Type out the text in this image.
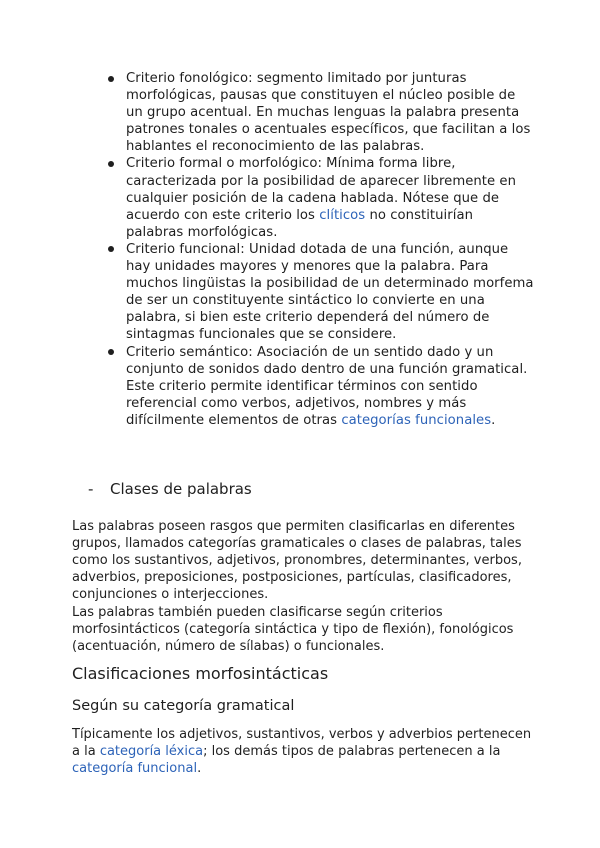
Criterio fonológico: segmento limitado por junturas morfológicas, pausas que constituyen el núcleo posible de un grupo acentual. En muchas lenguas la palabra presenta patrones tonales o acentuales específicos, que facilitan a los hablantes el reconocimiento de las palabras.
Criterio formal o morfológico: Mínima forma libre, caracterizada por la posibilidad de aparecer libremente en cualquier posición de la cadena hablada. Nótese que de acuerdo con este criterio los clíticos no constituirían palabras morfológicas.
Criterio funcional: Unidad dotada de una función, aunque hay unidades mayores y menores que la palabra. Para muchos lingüistas la posibilidad de un determinado morfema de ser un constituyente sintáctico lo convierte en una palabra, si bien este criterio dependerá del número de sintagmas funcionales que se considere.
Criterio semántico: Asociación de un sentido dado y un conjunto de sonidos dado dentro de una función gramatical. Este criterio permite identificar términos con sentido referencial como verbos, adjetivos, nombres y más difícilmente elementos de otras categorías funcionales.
- Clases de palabras

Las palabras poseen rasgos que permiten clasificarlas en diferentes grupos, llamados categorías gramaticales o clases de palabras, tales como los sustantivos, adjetivos, pronombres, determinantes, verbos, adverbios, preposiciones, postposiciones, partículas, clasificadores, conjunciones o interjecciones.

Las palabras también pueden clasificarse según criterios morfosintácticos (categoría sintáctica y tipo de flexión), fonológicos (acentuación, número de sílabas) o funcionales.

Clasificaciones morfosintácticas
Según su categoría gramatical

Típicamente los adjetivos, sustantivos, verbos y adverbios pertenecen a la categoría léxica; los demás tipos de palabras pertenecen a la categoría funcional.
